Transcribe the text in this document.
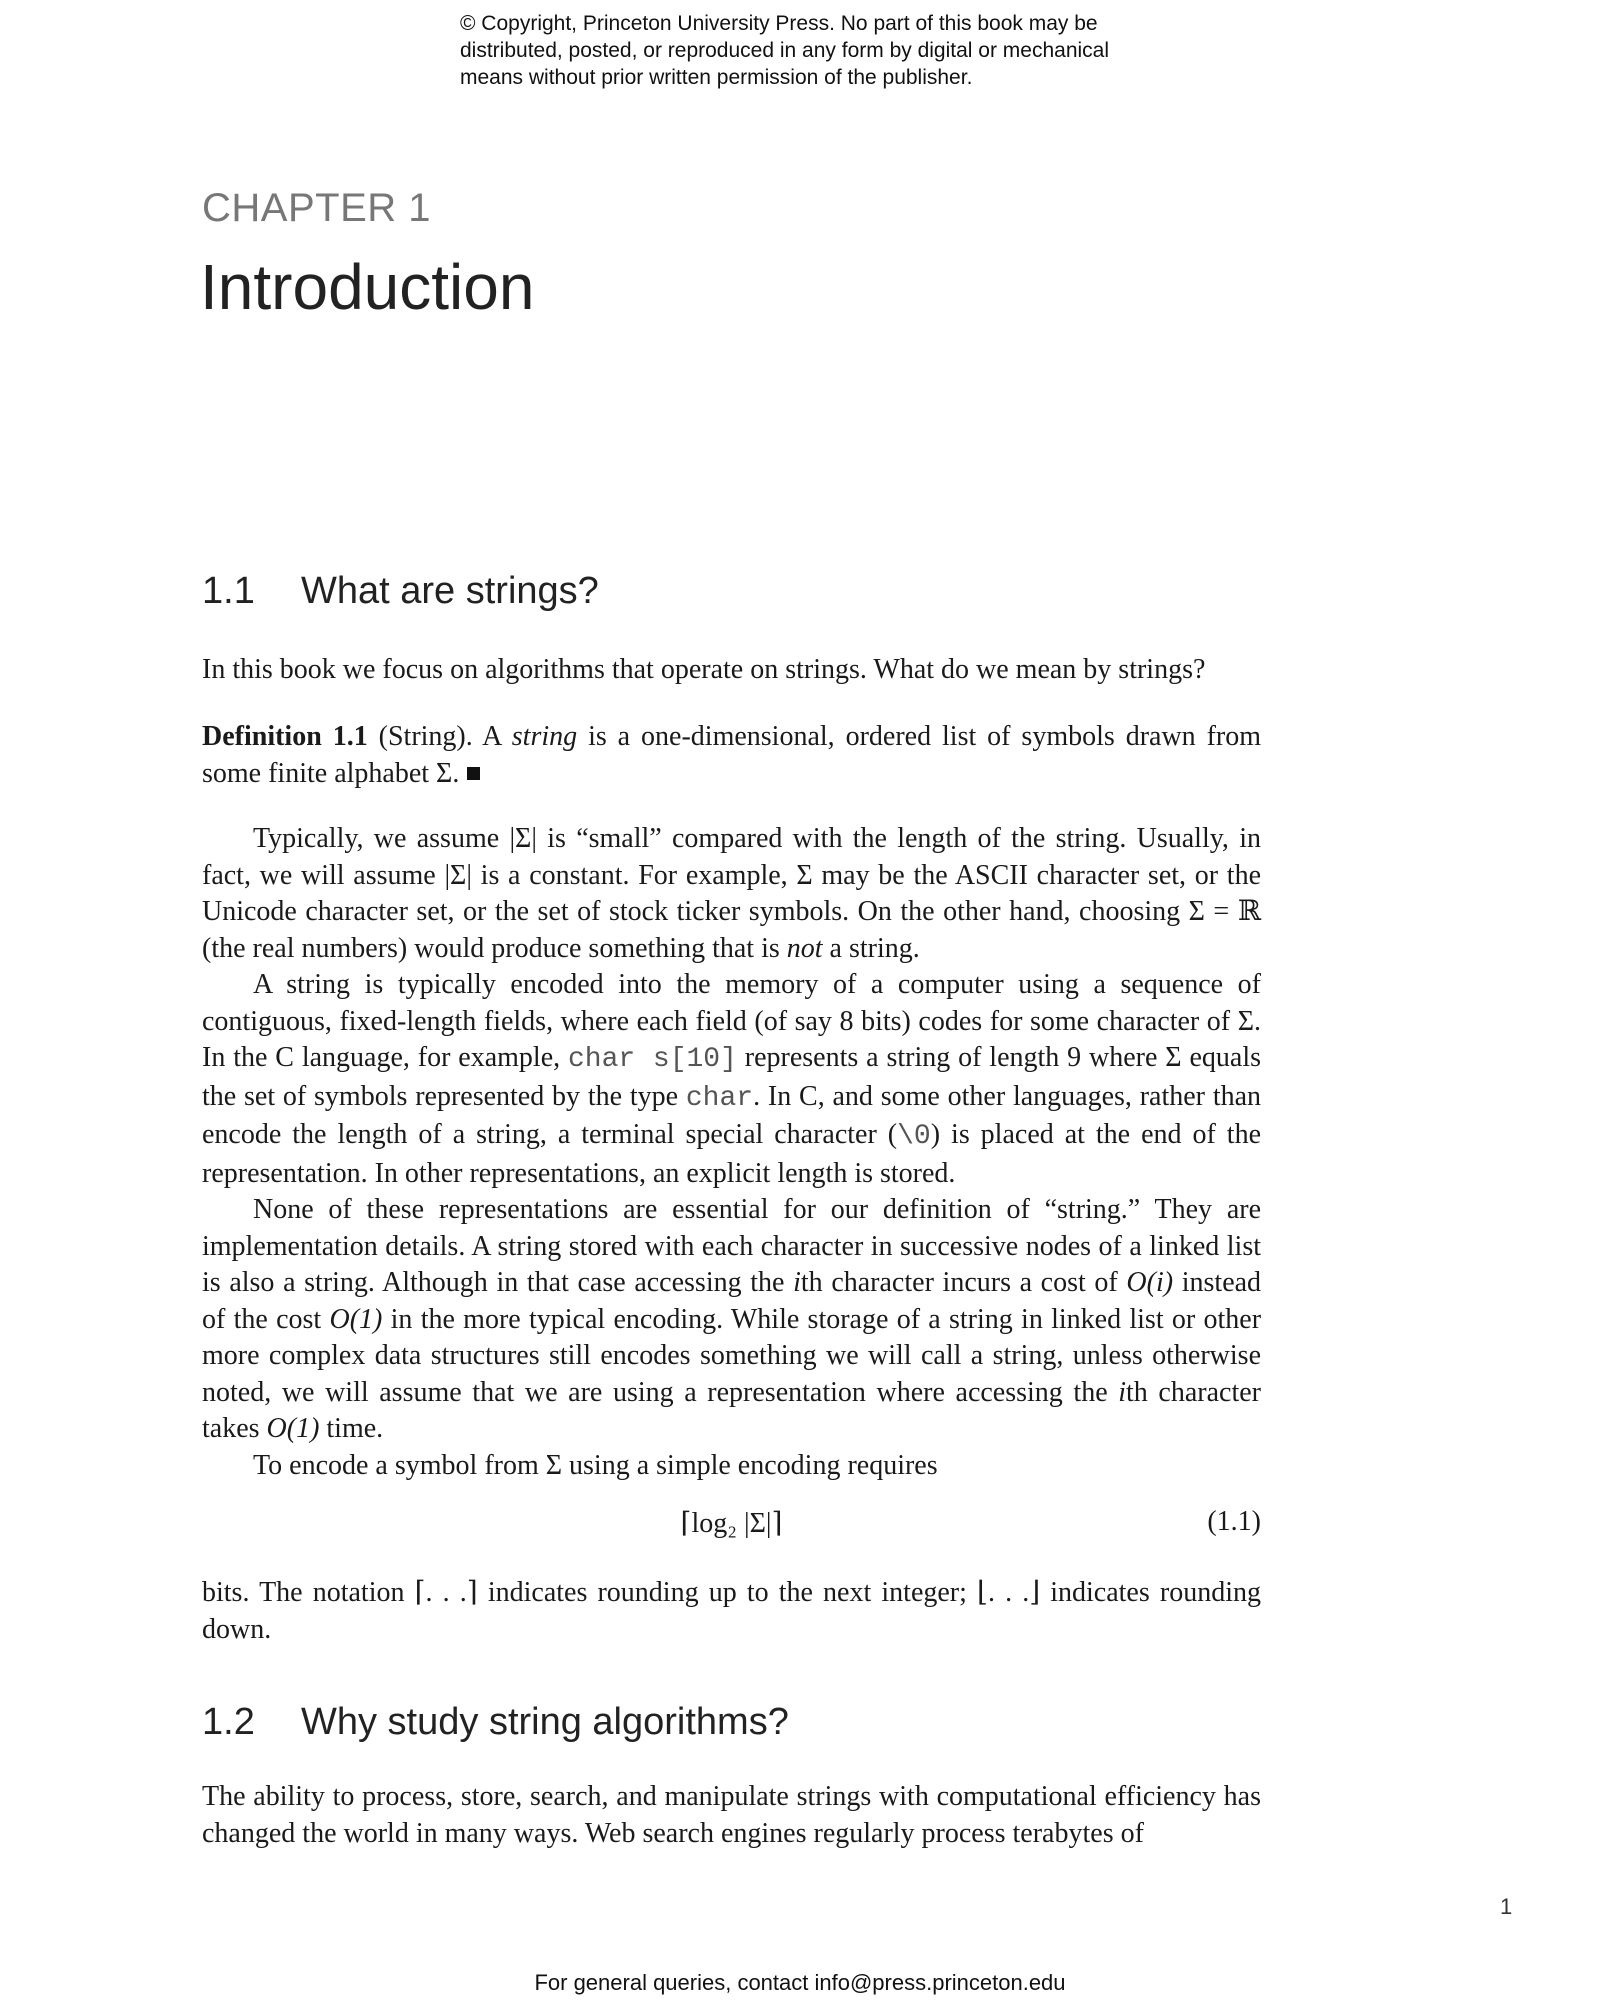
© Copyright, Princeton University Press. No part of this book may be
distributed, posted, or reproduced in any form by digital or mechanical
means without prior written permission of the publisher.
CHAPTER 1
Introduction
1.1 What are strings?

In this book we focus on algorithms that operate on strings. What do we mean by strings?

Definition 1.1 (String). A string is a one-dimensional, ordered list of symbols drawn from some finite alphabet Σ.

Typically, we assume |Σ| is “small” compared with the length of the string. Usually, in fact, we will assume |Σ| is a constant. For example, Σ may be the ASCII character set, or the Unicode character set, or the set of stock ticker symbols. On the other hand, choosing Σ = ℝ (the real numbers) would produce something that is not a string.

A string is typically encoded into the memory of a computer using a sequence of contiguous, fixed-length fields, where each field (of say 8 bits) codes for some character of Σ. In the C language, for example, char s[10] represents a string of length 9 where Σ equals the set of symbols represented by the type char. In C, and some other languages, rather than encode the length of a string, a terminal special character (\0) is placed at the end of the representation. In other representations, an explicit length is stored.

None of these representations are essential for our definition of “string.” They are implementation details. A string stored with each character in successive nodes of a linked list is also a string. Although in that case accessing the ith character incurs a cost of O(i) instead of the cost O(1) in the more typical encoding. While storage of a string in linked list or other more complex data structures still encodes something we will call a string, unless otherwise noted, we will assume that we are using a representation where accessing the ith character takes O(1) time.

To encode a symbol from Σ using a simple encoding requires

⌈log₂ |Σ|⌉	(1.1)

bits. The notation ⌈. . .⌉ indicates rounding up to the next integer; ⌊. . .⌋ indicates rounding down.

1.2 Why study string algorithms?

The ability to process, store, search, and manipulate strings with computational efficiency has changed the world in many ways. Web search engines regularly process terabytes of

1
For general queries, contact info@press.princeton.edu
